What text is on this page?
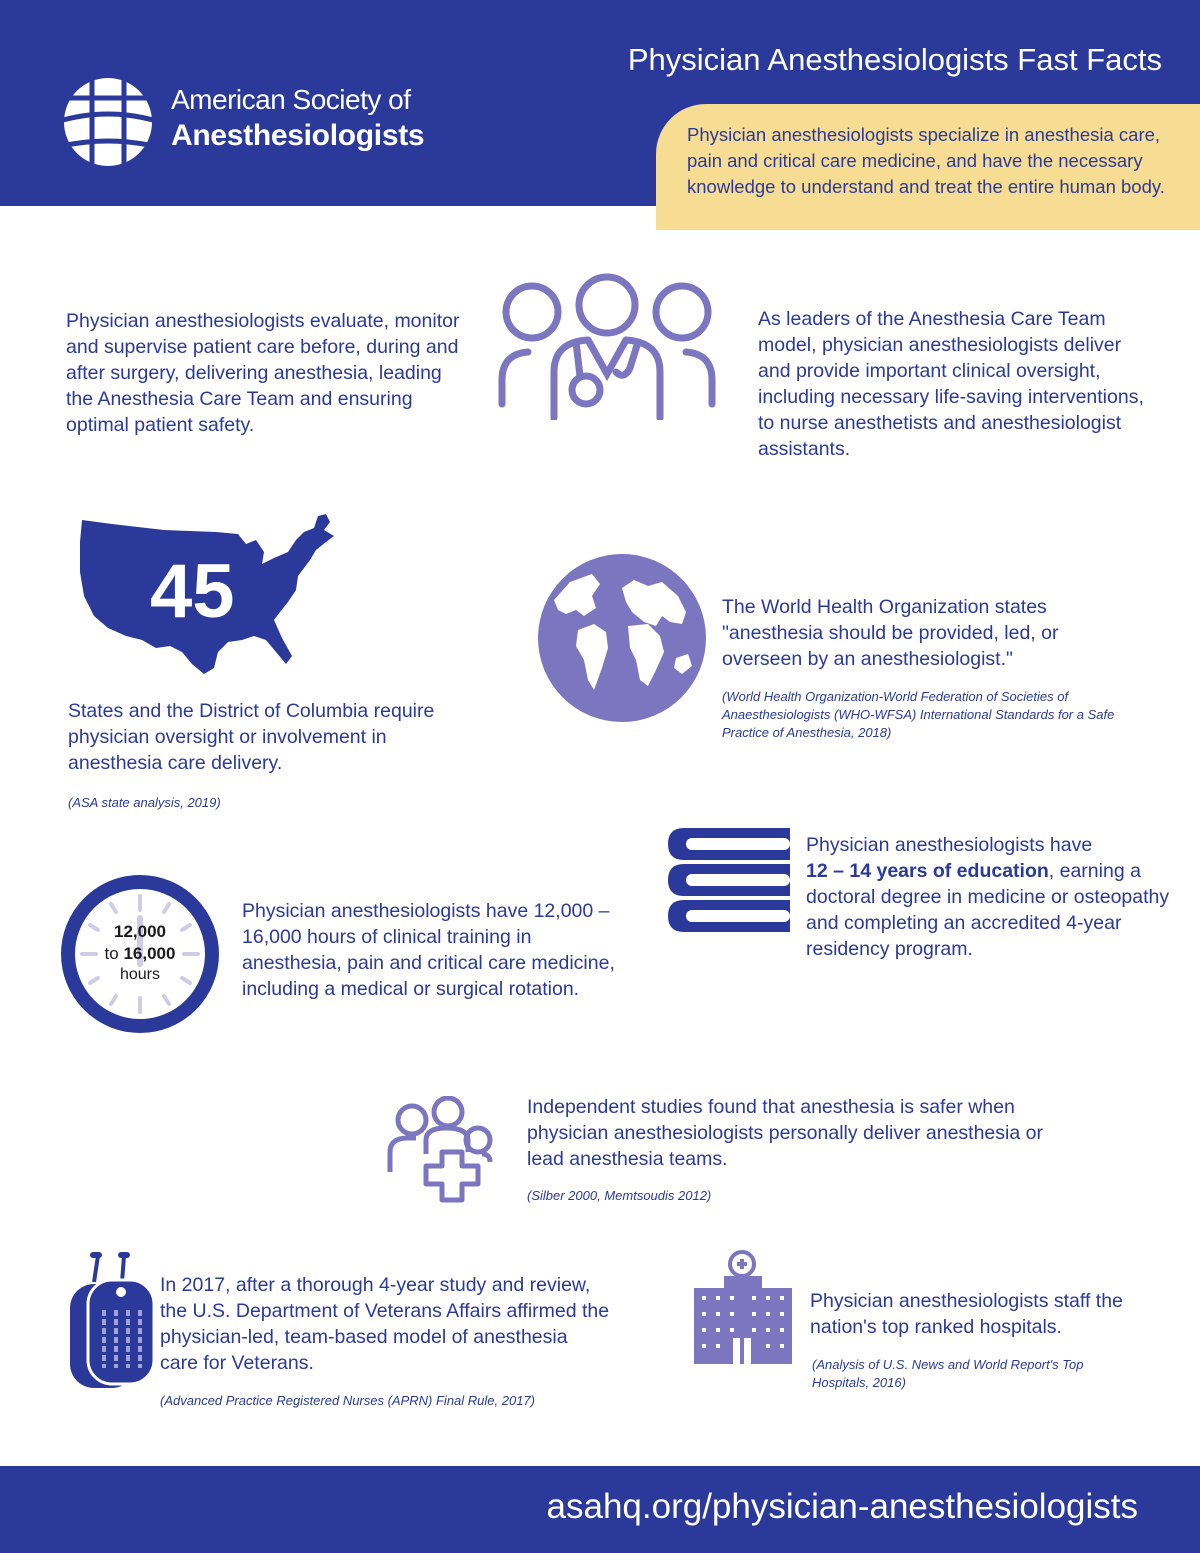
American Society of
Anesthesiologists
Physician Anesthesiologists Fast Facts
Physician anesthesiologists specialize in anesthesia care, pain and critical care medicine, and have the necessary knowledge to understand and treat the entire human body.
Physician anesthesiologists evaluate, monitor and supervise patient care before, during and after surgery, delivering anesthesia, leading the Anesthesia Care Team and ensuring optimal patient safety.
As leaders of the Anesthesia Care Team model, physician anesthesiologists deliver and provide important clinical oversight, including necessary life-saving interventions, to nurse anesthetists and anesthesiologist assistants.
45
States and the District of Columbia require physician oversight or involvement in anesthesia care delivery.
(ASA state analysis, 2019)
The World Health Organization states "anesthesia should be provided, led, or overseen by an anesthesiologist."
(World Health Organization-World Federation of Societies of Anaesthesiologists (WHO-WFSA) International Standards for a Safe Practice of Anesthesia, 2018)
Physician anesthesiologists have
12 – 14 years of education, earning a doctoral degree in medicine or osteopathy and completing an accredited 4-year residency program.
12,000
to 16,000
hours
Physician anesthesiologists have 12,000 – 16,000 hours of clinical training in anesthesia, pain and critical care medicine, including a medical or surgical rotation.
Independent studies found that anesthesia is safer when physician anesthesiologists personally deliver anesthesia or lead anesthesia teams.
(Silber 2000, Memtsoudis 2012)
In 2017, after a thorough 4-year study and review, the U.S. Department of Veterans Affairs affirmed the physician-led, team-based model of anesthesia care for Veterans.
(Advanced Practice Registered Nurses (APRN) Final Rule, 2017)
Physician anesthesiologists staff the nation's top ranked hospitals.
(Analysis of U.S. News and World Report's Top Hospitals, 2016)
asahq.org/physician-anesthesiologists
